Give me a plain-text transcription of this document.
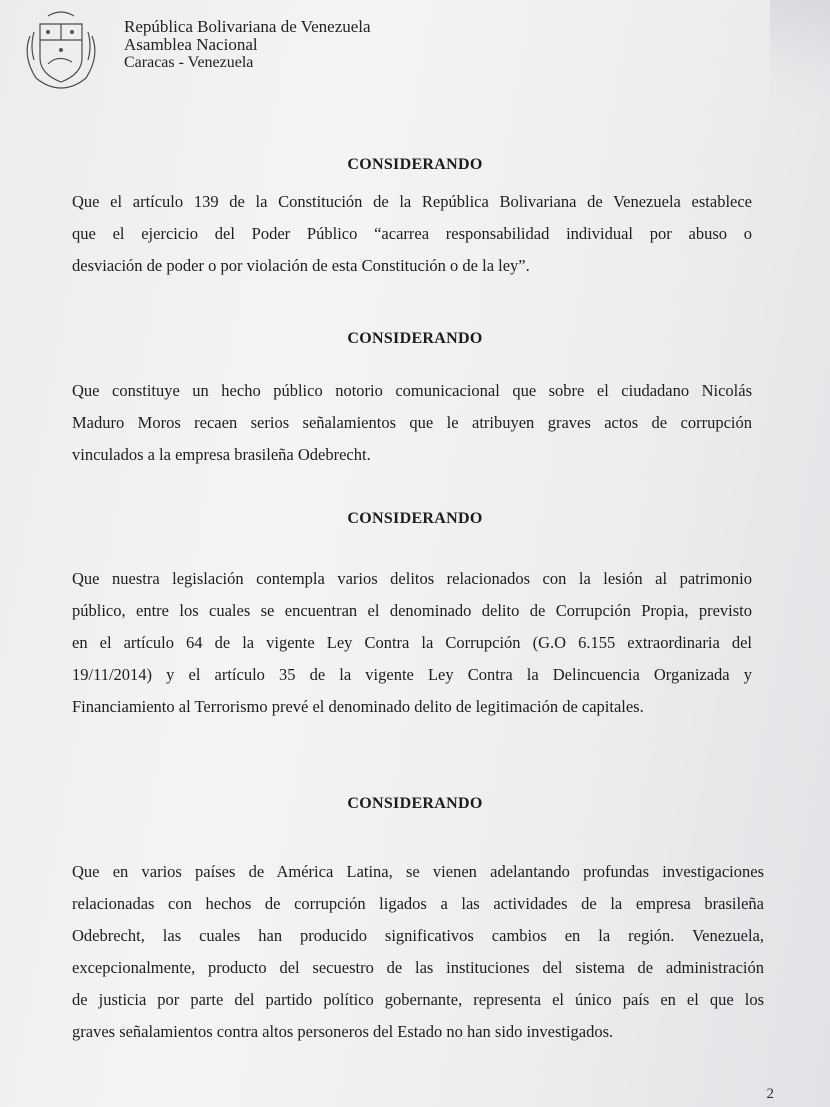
República Bolivariana de Venezuela
Asamblea Nacional
Caracas - Venezuela
CONSIDERANDO
Que el artículo 139 de la Constitución de la República Bolivariana de Venezuela establece
que el ejercicio del Poder Público “acarrea responsabilidad individual por abuso o
desviación de poder o por violación de esta Constitución o de la ley”.
CONSIDERANDO
Que constituye un hecho público notorio comunicacional que sobre el ciudadano Nicolás
Maduro Moros recaen serios señalamientos que le atribuyen graves actos de corrupción
vinculados a la empresa brasileña Odebrecht.
CONSIDERANDO
Que nuestra legislación contempla varios delitos relacionados con la lesión al patrimonio
público, entre los cuales se encuentran el denominado delito de Corrupción Propia, previsto
en el artículo 64 de la vigente Ley Contra la Corrupción (G.O 6.155 extraordinaria del
19/11/2014) y el artículo 35 de la vigente Ley Contra la Delincuencia Organizada y
Financiamiento al Terrorismo prevé el denominado delito de legitimación de capitales.
CONSIDERANDO
Que en varios países de América Latina, se vienen adelantando profundas investigaciones
relacionadas con hechos de corrupción ligados a las actividades de la empresa brasileña
Odebrecht, las cuales han producido significativos cambios en la región. Venezuela,
excepcionalmente, producto del secuestro de las instituciones del sistema de administración
de justicia por parte del partido político gobernante, representa el único país en el que los
graves señalamientos contra altos personeros del Estado no han sido investigados.
2
